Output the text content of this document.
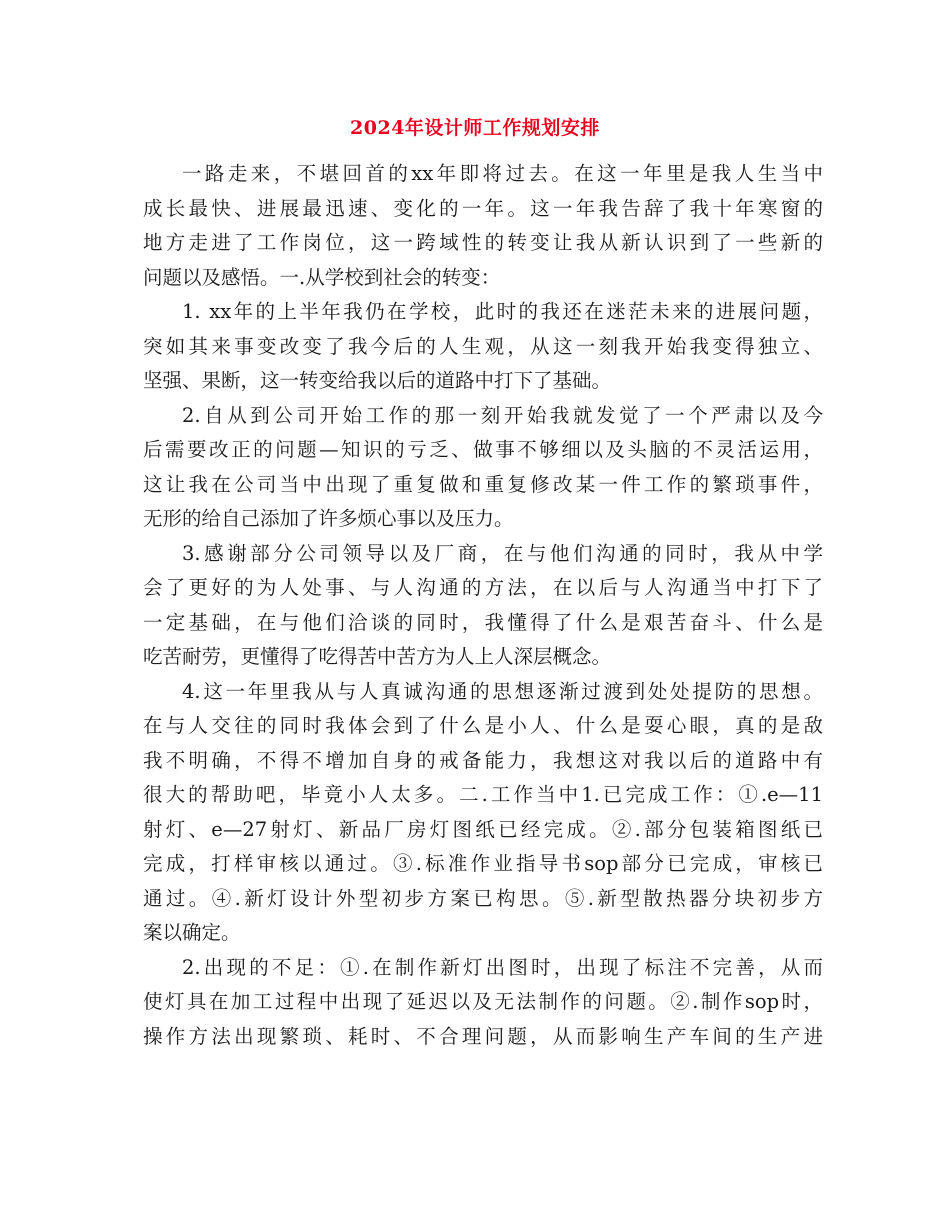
2024年设计师工作规划安排
一路走来，不堪回首的xx年即将过去。在这一年里是我人生当中
成长最快、进展最迅速、变化的一年。这一年我告辞了我十年寒窗的
地方走进了工作岗位，这一跨域性的转变让我从新认识到了一些新的
问题以及感悟。一.从学校到社会的转变：
1. xx年的上半年我仍在学校，此时的我还在迷茫未来的进展问题，
突如其来事变改变了我今后的人生观，从这一刻我开始我变得独立、
坚强、果断，这一转变给我以后的道路中打下了基础。
2.自从到公司开始工作的那一刻开始我就发觉了一个严肃以及今
后需要改正的问题—知识的亏乏、做事不够细以及头脑的不灵活运用，
这让我在公司当中出现了重复做和重复修改某一件工作的繁琐事件，
无形的给自己添加了许多烦心事以及压力。
3.感谢部分公司领导以及厂商，在与他们沟通的同时，我从中学
会了更好的为人处事、与人沟通的方法，在以后与人沟通当中打下了
一定基础，在与他们洽谈的同时，我懂得了什么是艰苦奋斗、什么是
吃苦耐劳，更懂得了吃得苦中苦方为人上人深层概念。
4.这一年里我从与人真诚沟通的思想逐渐过渡到处处提防的思想。
在与人交往的同时我体会到了什么是小人、什么是耍心眼，真的是敌
我不明确，不得不增加自身的戒备能力，我想这对我以后的道路中有
很大的帮助吧，毕竟小人太多。二.工作当中1.已完成工作：①.e—11
射灯、e—27射灯、新品厂房灯图纸已经完成。②.部分包装箱图纸已
完成，打样审核以通过。③.标准作业指导书sop部分已完成，审核已
通过。④.新灯设计外型初步方案已构思。⑤.新型散热器分块初步方
案以确定。
2.出现的不足：①.在制作新灯出图时，出现了标注不完善，从而
使灯具在加工过程中出现了延迟以及无法制作的问题。②.制作sop时，
操作方法出现繁琐、耗时、不合理问题，从而影响生产车间的生产进
